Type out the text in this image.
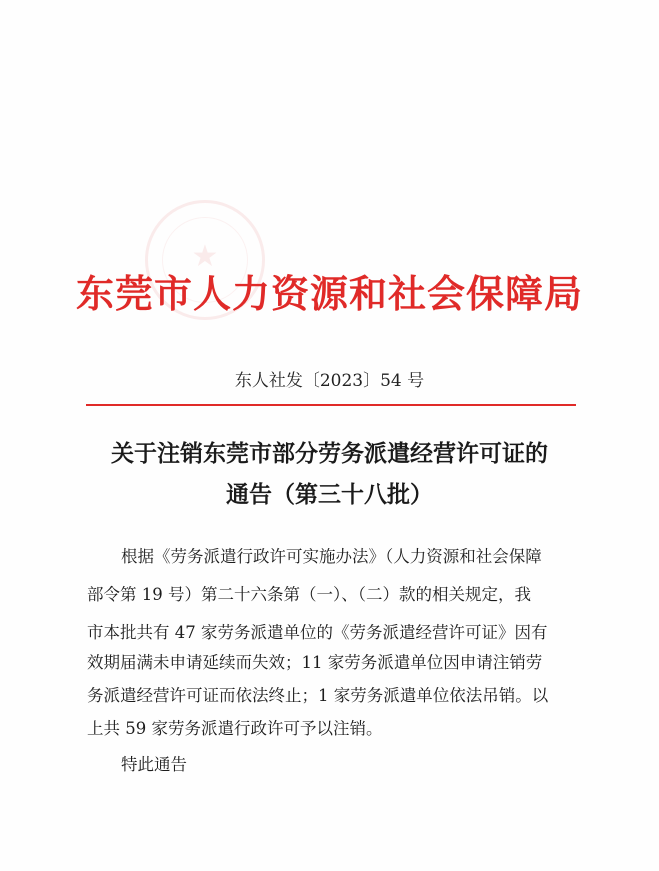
★
东莞市人力资源和社会保障局
东人社发〔2023〕54 号
关于注销东莞市部分劳务派遣经营许可证的
通告（第三十八批）
根据《劳务派遣行政许可实施办法》（人力资源和社会保障
部令第 19 号）第二十六条第（一）、（二）款的相关规定，我
市本批共有 47 家劳务派遣单位的《劳务派遣经营许可证》因有
效期届满未申请延续而失效；11 家劳务派遣单位因申请注销劳
务派遣经营许可证而依法终止；1 家劳务派遣单位依法吊销。以
上共 59 家劳务派遣行政许可予以注销。
特此通告
